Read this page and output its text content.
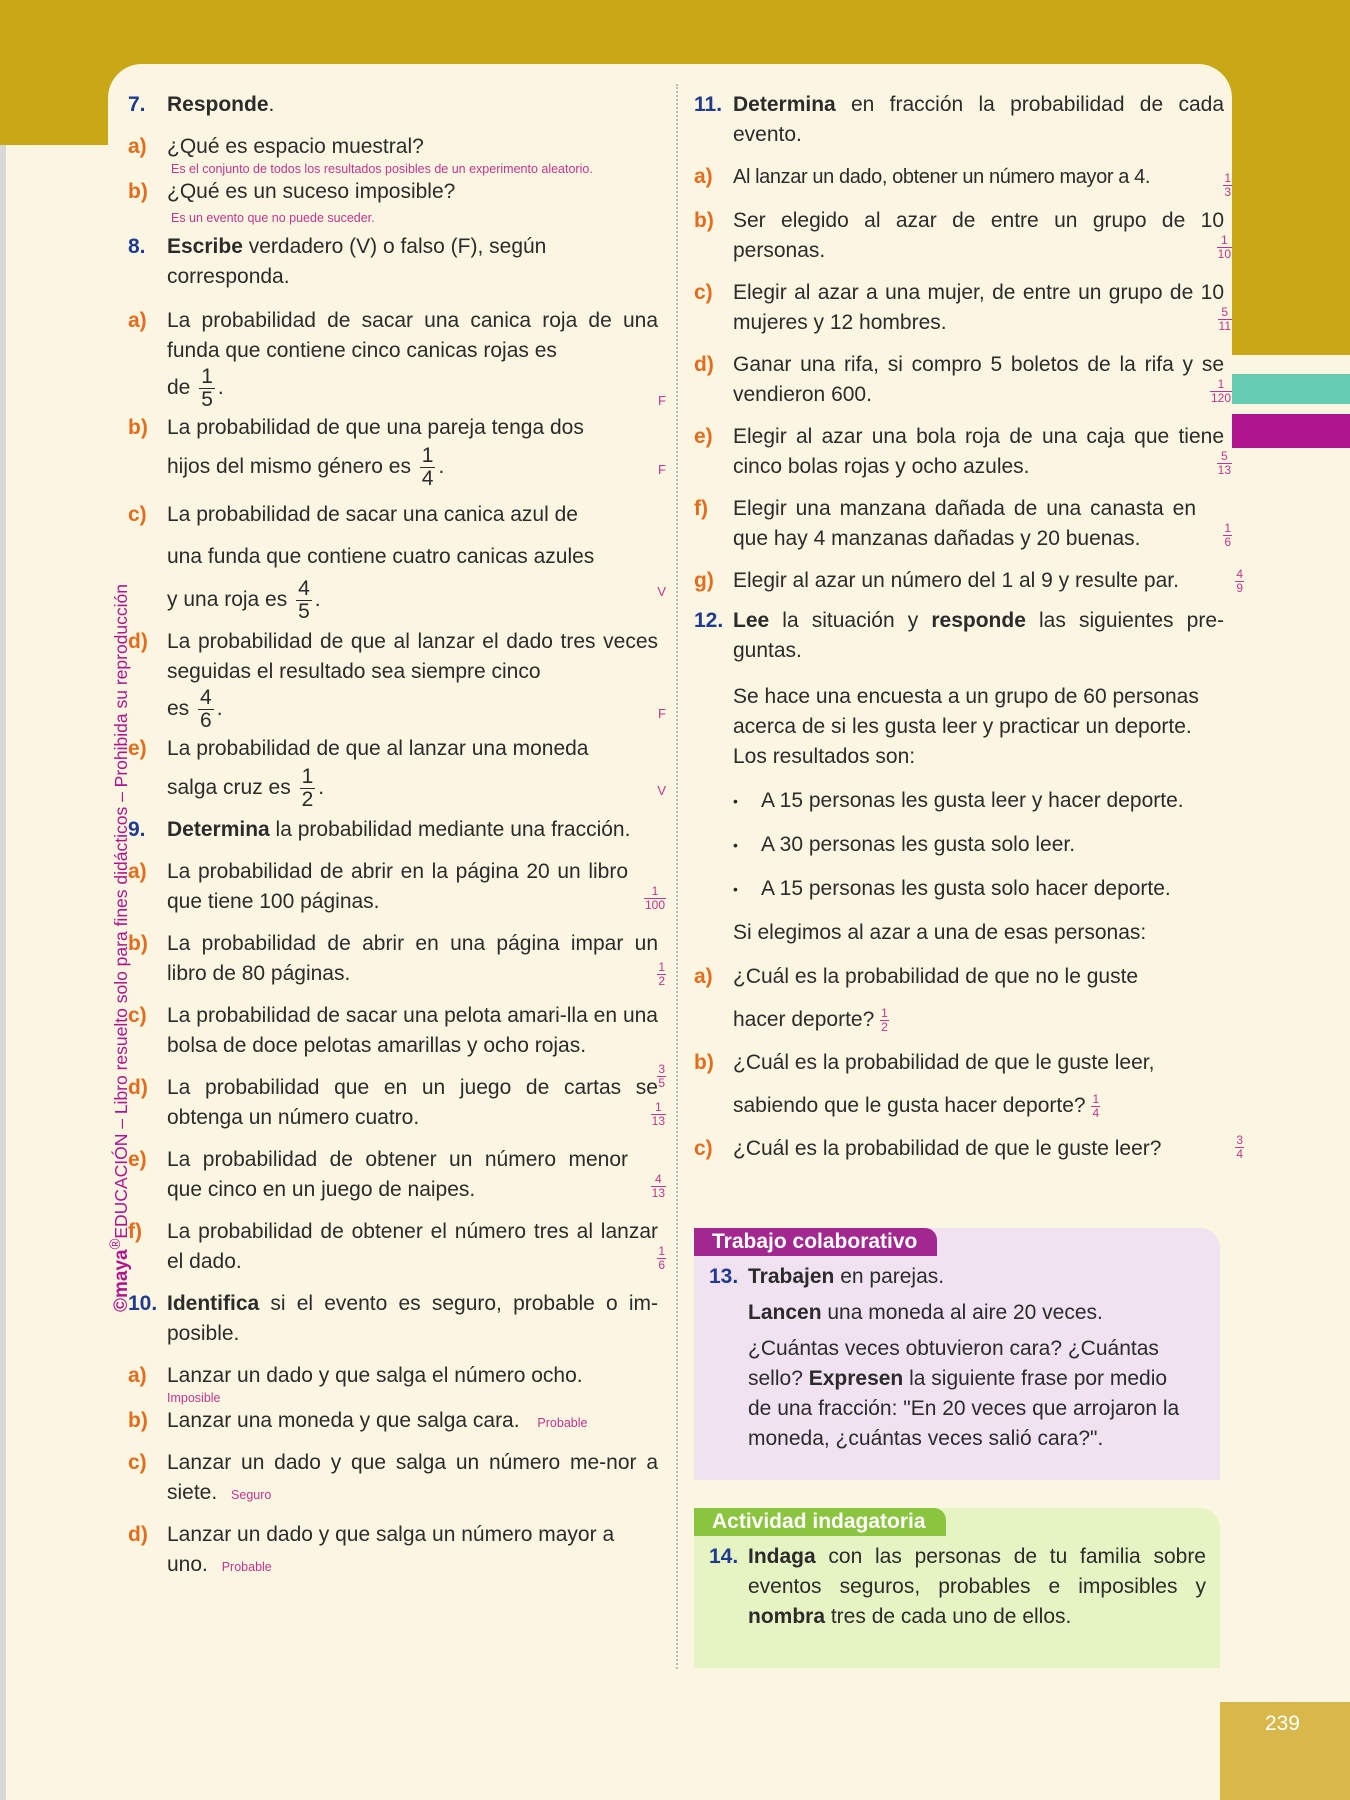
239
©maya®EDUCACIÓN – Libro resuelto solo para fines didácticos – Prohibida su reproducción
7. Responde.
a) ¿Qué es espacio muestral?
Es el conjunto de todos los resultados posibles de un experimento aleatorio.
b) ¿Qué es un suceso imposible?
Es un evento que no puede suceder.
8. Escribe verdadero (V) o falso (F), según corresponda.
a) La probabilidad de sacar una canica roja de una funda que contiene cinco canicas rojas es
de $\frac{1}{5}$ .
F
b) La probabilidad de que una pareja tenga dos
hijos del mismo género es $\frac{1}{4}$ .	F
c) La probabilidad de sacar una canica azul de
una funda que contiene cuatro canicas azules
y una roja es $\frac{4}{5}$ .	V
d) La probabilidad de que al lanzar el dado tres veces seguidas el resultado sea siempre cinco
es $\frac{4}{6}$ .	F
e) La probabilidad de que al lanzar una moneda
salga cruz es $\frac{1}{2}$ .	V
9. Determina la probabilidad mediante una fracción.
a) La probabilidad de abrir en la página 20 un libro que tiene 100 páginas.	$\frac{1}{100}$
b) La probabilidad de abrir en una página impar un libro de 80 páginas.	$\frac{1}{2}$
c) La probabilidad de sacar una pelota amari-lla en una bolsa de doce pelotas amarillas y ocho rojas.
$\frac{3}{5}$
d) La probabilidad que en un juego de cartas se obtenga un número cuatro.	$\frac{1}{13}$
e) La probabilidad de obtener un número menor que cinco en un juego de naipes.	$\frac{4}{13}$
f) La probabilidad de obtener el número tres al lanzar el dado.	$\frac{1}{6}$
10. Identifica si el evento es seguro, probable o im-posible.
a) Lanzar un dado y que salga el número ocho.
Imposible
b) Lanzar una moneda y que salga cara. Probable
c) Lanzar un dado y que salga un número me-nor a siete. Seguro
d) Lanzar un dado y que salga un número mayor a uno. Probable
11. Determina en fracción la probabilidad de cada evento.
a) Al lanzar un dado, obtener un número mayor a 4.	$\frac{1}{3}$
b) Ser elegido al azar de entre un grupo de 10 personas.	$\frac{1}{10}$
c) Elegir al azar a una mujer, de entre un grupo de 10 mujeres y 12 hombres.	$\frac{5}{11}$
d) Ganar una rifa, si compro 5 boletos de la rifa y se vendieron 600.	$\frac{1}{120}$
e) Elegir al azar una bola roja de una caja que tiene cinco bolas rojas y ocho azules.	$\frac{5}{13}$
f) Elegir una manzana dañada de una canasta en que hay 4 manzanas dañadas y 20 buenas.	$\frac{1}{6}$
g) Elegir al azar un número del 1 al 9 y resulte par.	$\frac{4}{9}$
12. Lee la situación y responde las siguientes pre-guntas.
Se hace una encuesta a un grupo de 60 personas acerca de si les gusta leer y practicar un deporte. Los resultados son:
• A 15 personas les gusta leer y hacer deporte.
• A 30 personas les gusta solo leer.
• A 15 personas les gusta solo hacer deporte.
Si elegimos al azar a una de esas personas:
a) ¿Cuál es la probabilidad de que no le guste
hacer deporte? $\frac{1}{2}$
b) ¿Cuál es la probabilidad de que le guste leer,
sabiendo que le gusta hacer deporte? $\frac{1}{4}$
c) ¿Cuál es la probabilidad de que le guste leer?	$\frac{3}{4}$
Trabajo colaborativo
13. Trabajen en parejas.
Lancen una moneda al aire 20 veces.
¿Cuántas veces obtuvieron cara? ¿Cuántas sello? Expresen la siguiente frase por medio de una fracción: "En 20 veces que arrojaron la moneda, ¿cuántas veces salió cara?".
Actividad indagatoria
14. Indaga con las personas de tu familia sobre eventos seguros, probables e imposibles y nombra tres de cada uno de ellos.
